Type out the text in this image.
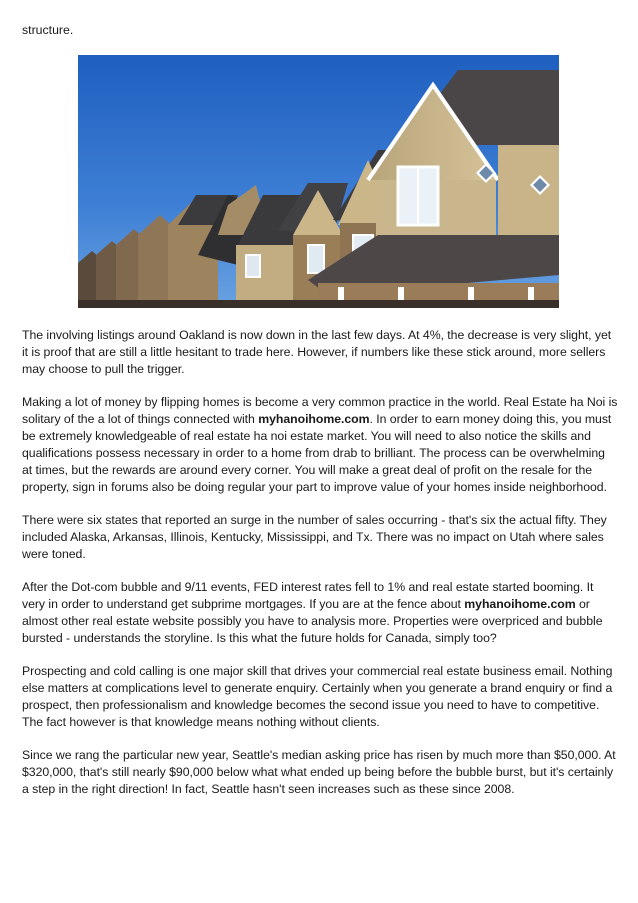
structure.

The involving listings around Oakland is now down in the last few days. At 4%, the decrease is very slight, yet it is proof that are still a little hesitant to trade here. However, if numbers like these stick around, more sellers may choose to pull the trigger.

Making a lot of money by flipping homes is become a very common practice in the world. Real Estate ha Noi is solitary of the a lot of things connected with myhanoihome.com. In order to earn money doing this, you must be extremely knowledgeable of real estate ha noi estate market. You will need to also notice the skills and qualifications possess necessary in order to a home from drab to brilliant. The process can be overwhelming at times, but the rewards are around every corner. You will make a great deal of profit on the resale for the property, sign in forums also be doing regular your part to improve value of your homes inside neighborhood.

There were six states that reported an surge in the number of sales occurring - that's six the actual fifty. They included Alaska, Arkansas, Illinois, Kentucky, Mississippi, and Tx. There was no impact on Utah where sales were toned.

After the Dot-com bubble and 9/11 events, FED interest rates fell to 1% and real estate started booming. It very in order to understand get subprime mortgages. If you are at the fence about myhanoihome.com or almost other real estate website possibly you have to analysis more. Properties were overpriced and bubble bursted - understands the storyline. Is this what the future holds for Canada, simply too?

Prospecting and cold calling is one major skill that drives your commercial real estate business email. Nothing else matters at complications level to generate enquiry. Certainly when you generate a brand enquiry or find a prospect, then professionalism and knowledge becomes the second issue you need to have to competitive. The fact however is that knowledge means nothing without clients.

Since we rang the particular new year, Seattle's median asking price has risen by much more than $50,000. At $320,000, that's still nearly $90,000 below what what ended up being before the bubble burst, but it's certainly a step in the right direction! In fact, Seattle hasn't seen increases such as these since 2008.
